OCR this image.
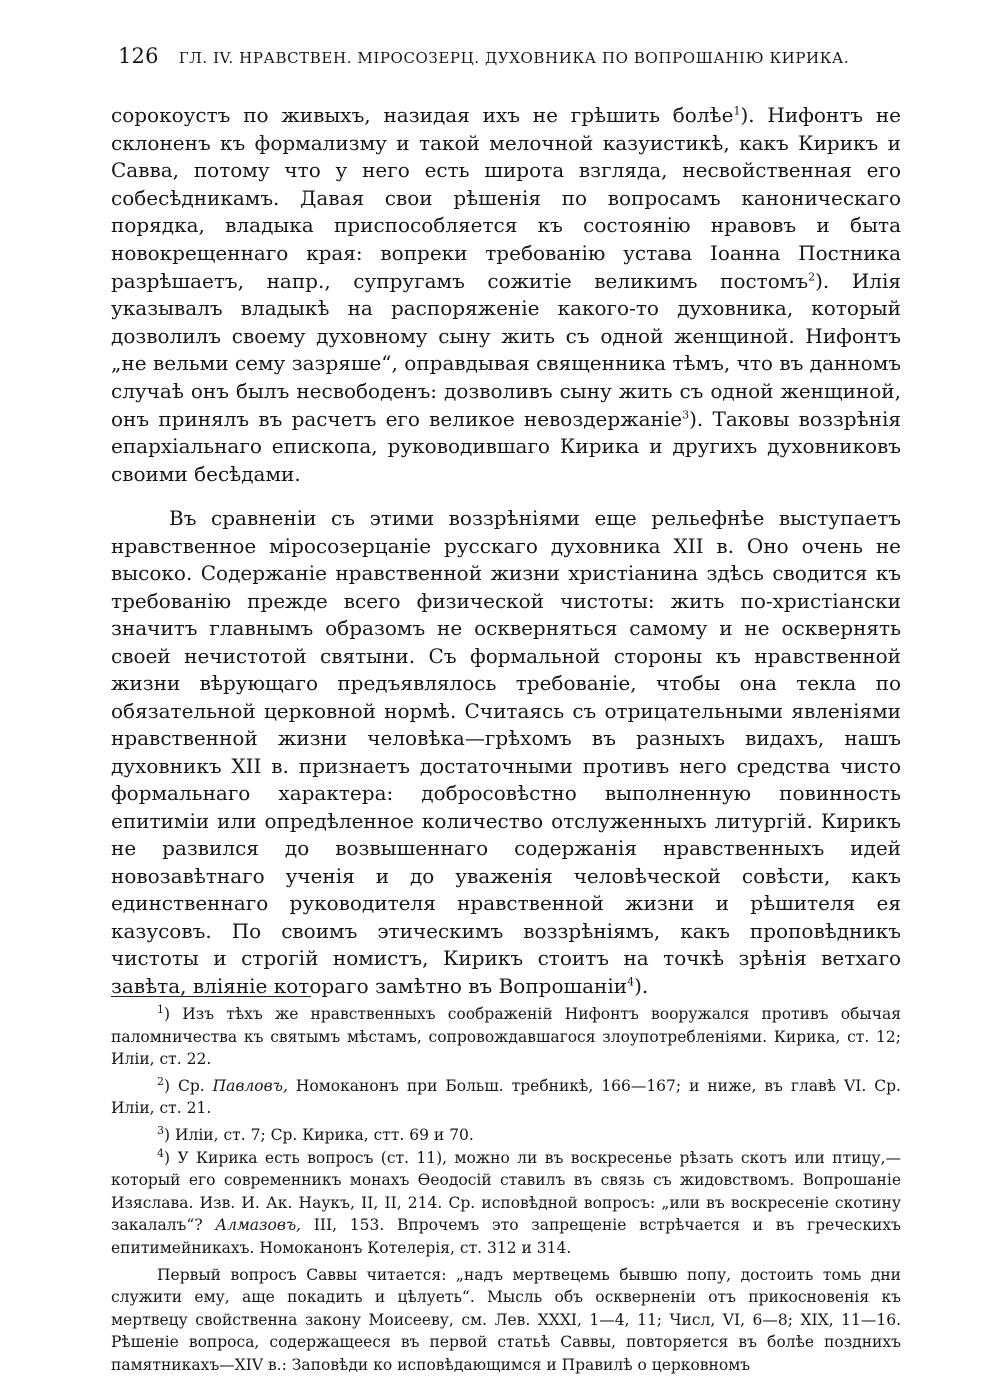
126 ГЛ. IV. НРАВСТВЕН. МІРОСОЗЕРЦ. ДУХОВНИКА ПО ВОПРОШАНІЮ КИРИКА.
сорокоустъ по живыхъ, назидая ихъ не грѣшить болѣе$^1$). Нифонтъ не склоненъ къ формализму и такой мелочной казуистикѣ, какъ Кирикъ и Савва, потому что у него есть широта взгляда, несвойственная его собесѣдникамъ. Давая свои рѣшенія по вопросамъ каноническаго порядка, владыка приспособляется къ состоянію нравовъ и быта новокрещеннаго края: вопреки требованію устава Іоанна Постника разрѣшаетъ, напр., супругамъ сожитіе великимъ постомъ$^2$). Илія указывалъ владыкѣ на распоряженіе какого-то духовника, который дозволилъ своему духовному сыну жить съ одной женщиной. Нифонтъ „не вельми сему зазряше“, оправдывая священника тѣмъ, что въ данномъ случаѣ онъ былъ несвободенъ: дозволивъ сыну жить съ одной женщиной, онъ принялъ въ расчетъ его великое невоздержаніе$^3$). Таковы воззрѣнія епархіальнаго епископа, руководившаго Кирика и другихъ духовниковъ своими бесѣдами.
Въ сравненіи съ этими воззрѣніями еще рельефнѣе выступаетъ нравственное міросозерцаніе русскаго духовника XII в. Оно очень не высоко. Содержаніе нравственной жизни христіанина здѣсь сводится къ требованію прежде всего физической чистоты: жить по-христіански значитъ главнымъ образомъ не оскверняться самому и не осквернять своей нечистотой святыни. Съ формальной стороны къ нравственной жизни вѣрующаго предъявлялось требованіе, чтобы она текла по обязательной церковной нормѣ. Считаясь съ отрицательными явленіями нравственной жизни человѣка—грѣхомъ въ разныхъ видахъ, нашъ духовникъ XII в. признаетъ достаточными противъ него средства чисто формальнаго характера: добросовѣстно выполненную повинность епитиміи или опредѣленное количество отслуженныхъ литургій. Кирикъ не развился до возвышеннаго содержанія нравственныхъ идей новозавѣтнаго ученія и до уваженія человѣческой совѣсти, какъ единственнаго руководителя нравственной жизни и рѣшителя ея казусовъ. По своимъ этическимъ воззрѣніямъ, какъ проповѣдникъ чистоты и строгій номистъ, Кирикъ стоитъ на точкѣ зрѣнія ветхаго завѣта, вліяніе котораго замѣтно въ Вопрошаніи$^4$).

$^1$) Изъ тѣхъ же нравственныхъ соображеній Нифонтъ вооружался противъ обычая паломничества къ святымъ мѣстамъ, сопровождавшагося злоупотребленіями. Кирика, ст. 12; Иліи, ст. 22.

$^2$) Ср. Павловъ, Номоканонъ при Больш. требникѣ, 166—167; и ниже, въ главѣ VI. Ср. Иліи, ст. 21.

$^3$) Иліи, ст. 7; Ср. Кирика, стт. 69 и 70.

$^4$) У Кирика есть вопросъ (ст. 11), можно ли въ воскресенье рѣзать скотъ или птицу,—который его современникъ монахъ Ѳеодосій ставилъ въ связь съ жидовствомъ. Вопрошаніе Изяслава. Изв. И. Ак. Наукъ, II, II, 214. Ср. исповѣдной вопросъ: „или въ воскресеніе скотину закалалъ“? Алмазовъ, III, 153. Впрочемъ это запрещеніе встрѣчается и въ греческихъ епитимейникахъ. Номоканонъ Котелерія, ст. 312 и 314.

Первый вопросъ Саввы читается: „надъ мертвецемь бывшю попу, достоить томь дни служити ему, аще покадить и цѣлуеть“. Мысль объ оскверненіи отъ прикосновенія къ мертвецу свойственна закону Моисееву, см. Лев. XXXI, 1—4, 11; Числ, VI, 6—8; XIX, 11—16. Рѣшеніе вопроса, содержащееся въ первой статьѣ Саввы, повторяется въ болѣе позднихъ памятникахъ—XIV в.: Заповѣди ко исповѣдающимся и Правилѣ о церковномъ
